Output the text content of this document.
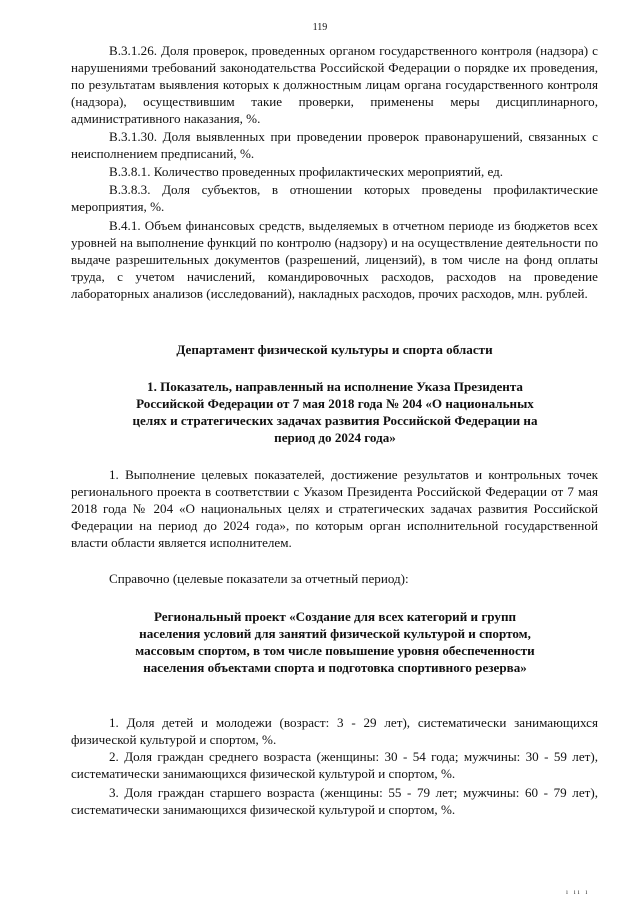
119

В.3.1.26. Доля проверок, проведенных органом государственного контроля (надзора) с нарушениями требований законодательства Российской Федерации о порядке их проведения, по результатам выявления которых к должностным лицам органа государственного контроля (надзора), осуществившим такие проверки, применены меры дисциплинарного, административного наказания, %.

В.3.1.30. Доля выявленных при проведении проверок правонарушений, связанных с неисполнением предписаний, %.

В.3.8.1. Количество проведенных профилактических мероприятий, ед.

В.3.8.3. Доля субъектов, в отношении которых проведены профилактические мероприятия, %.

В.4.1. Объем финансовых средств, выделяемых в отчетном периоде из бюджетов всех уровней на выполнение функций по контролю (надзору) и на осуществление деятельности по выдаче разрешительных документов (разрешений, лицензий), в том числе на фонд оплаты труда, с учетом начислений, командировочных расходов, расходов на проведение лабораторных анализов (исследований), накладных расходов, прочих расходов, млн. рублей.

Департамент физической культуры и спорта области

1. Показатель, направленный на исполнение Указа Президента Российской Федерации от 7 мая 2018 года № 204 «О национальных целях и стратегических задачах развития Российской Федерации на период до 2024 года»

1. Выполнение целевых показателей, достижение результатов и контрольных точек регионального проекта в соответствии с Указом Президента Российской Федерации от 7 мая 2018 года № 204 «О национальных целях и стратегических задачах развития Российской Федерации на период до 2024 года», по которым орган исполнительной государственной власти области является исполнителем.

Справочно (целевые показатели за отчетный период):

Региональный проект «Создание для всех категорий и групп населения условий для занятий физической культурой и спортом, массовым спортом, в том числе повышение уровня обеспеченности населения объектами спорта и подготовка спортивного резерва»

1. Доля детей и молодежи (возраст: 3 - 29 лет), систематически занимающихся физической культурой и спортом, %.

2. Доля граждан среднего возраста (женщины: 30 - 54 года; мужчины: 30 - 59 лет), систематически занимающихся физической культурой и спортом, %.

3. Доля граждан старшего возраста (женщины: 55 - 79 лет; мужчины: 60 - 79 лет), систематически занимающихся физической культурой и спортом, %.

ı ıı ı
